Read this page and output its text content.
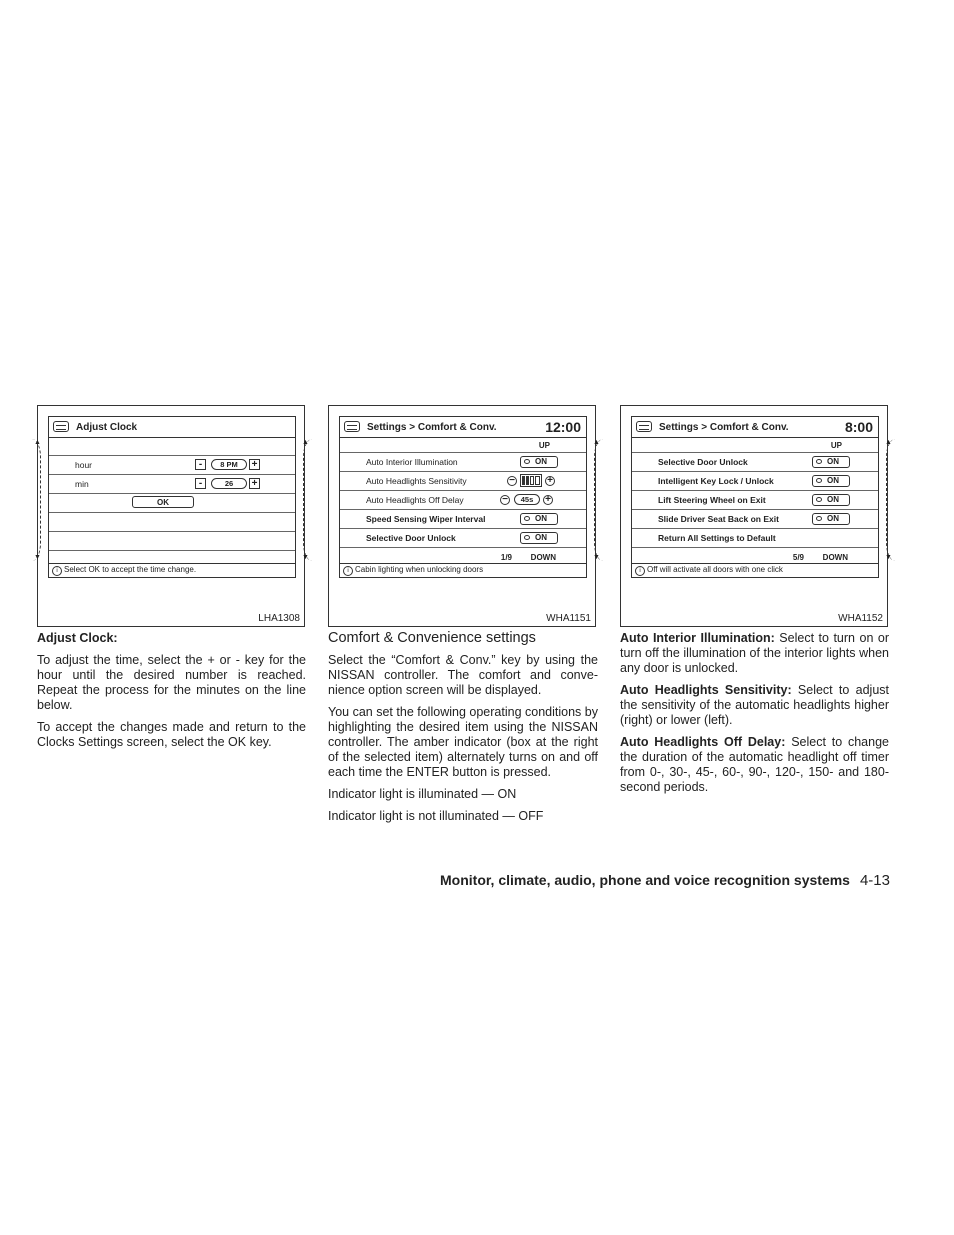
▲
▼
▲
▼
Adjust Clock
hour	-	8 PM	+
min	-	26	+
OK
i Select OK to accept the time change.
LHA1308
▲
▼
Settings > Comfort & Conv.	12:00
UP
Auto Interior Illumination	ON
Auto Headlights Sensitivity	−	+
Auto Headlights Off Delay	−	45s	+
Speed Sensing Wiper Interval	ON
Selective Door Unlock	ON
1/9 DOWN
i Cabin lighting when unlocking doors
WHA1151
▲
▼
Settings > Comfort & Conv.	8:00
UP
Selective Door Unlock	ON
Intelligent Key Lock / Unlock	ON
Lift Steering Wheel on Exit	ON
Slide Driver Seat Back on Exit	ON
Return All Settings to Default
5/9 DOWN
i Off will activate all doors with one click
WHA1152

Adjust Clock:

To adjust the time, select the + or - key for the hour until the desired number is reached. Repeat the process for the minutes on the line below.

To accept the changes made and return to the Clocks Settings screen, select the OK key.

Comfort & Convenience settings

Select the “Comfort & Conv.” key by using the NISSAN controller. The comfort and conve- nience option screen will be displayed.

You can set the following operating conditions by highlighting the desired item using the NISSAN controller. The amber indicator (box at the right of the selected item) alternately turns on and off each time the ENTER button is pressed.

Indicator light is illuminated — ON

Indicator light is not illuminated — OFF

Auto Interior Illumination: Select to turn on or turn off the illumination of the interior lights when any door is unlocked.

Auto Headlights Sensitivity: Select to adjust the sensitivity of the automatic headlights higher (right) or lower (left).

Auto Headlights Off Delay: Select to change the duration of the automatic headlight off timer from 0-, 30-, 45-, 60-, 90-, 120-, 150- and 180-second periods.

Monitor, climate, audio, phone and voice recognition systems 4-13
